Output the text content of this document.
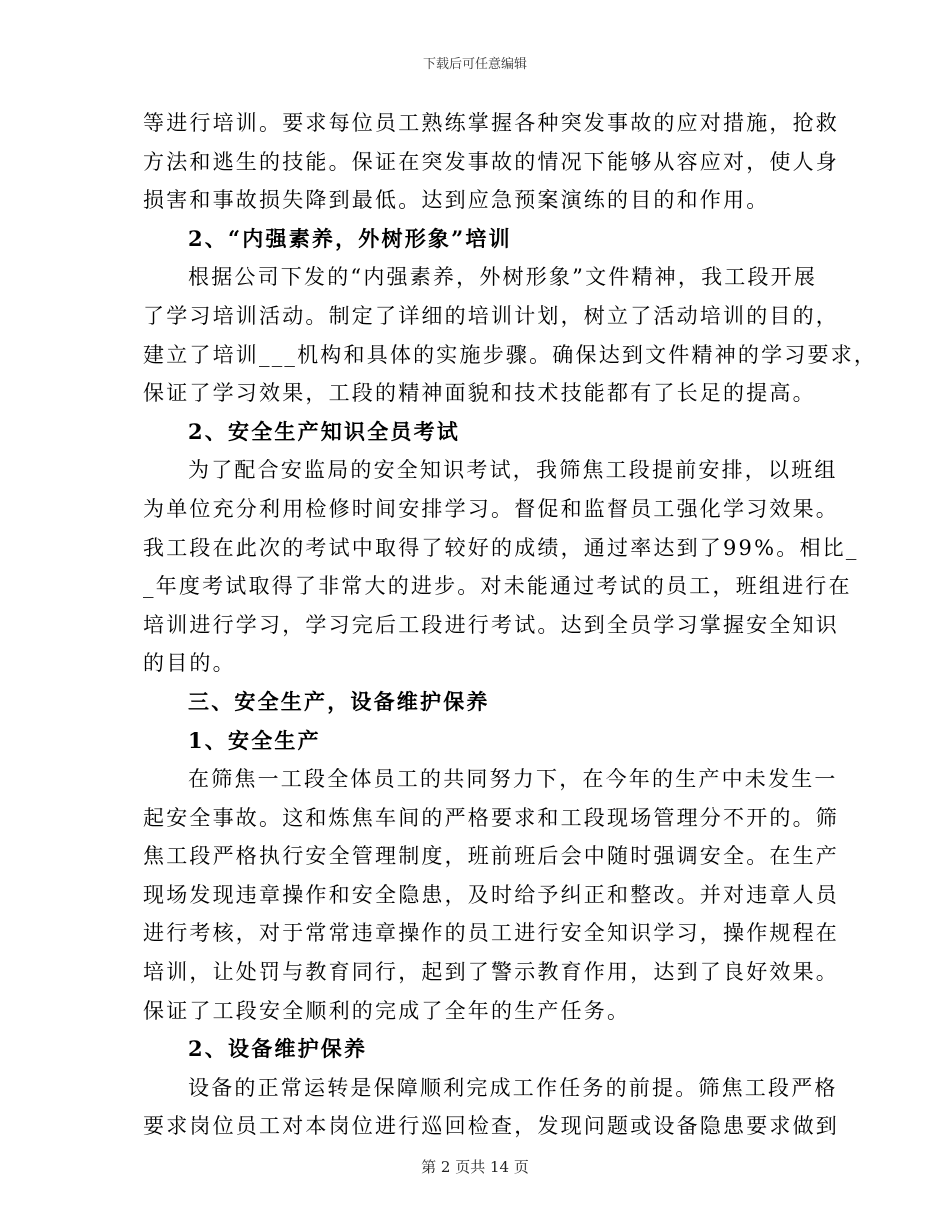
下载后可任意编辑
等进行培训。要求每位员工熟练掌握各种突发事故的应对措施，抢救
方法和逃生的技能。保证在突发事故的情况下能够从容应对，使人身
损害和事故损失降到最低。达到应急预案演练的目的和作用。
2、“内强素养，外树形象”培训
根据公司下发的“内强素养，外树形象”文件精神，我工段开展
了学习培训活动。制定了详细的培训计划，树立了活动培训的目的，
建立了培训___机构和具体的实施步骤。确保达到文件精神的学习要求，
保证了学习效果，工段的精神面貌和技术技能都有了长足的提高。
2、安全生产知识全员考试
为了配合安监局的安全知识考试，我筛焦工段提前安排，以班组
为单位充分利用检修时间安排学习。督促和监督员工强化学习效果。
我工段在此次的考试中取得了较好的成绩，通过率达到了99%。相比_
_年度考试取得了非常大的进步。对未能通过考试的员工，班组进行在
培训进行学习，学习完后工段进行考试。达到全员学习掌握安全知识
的目的。
三、安全生产，设备维护保养
1、安全生产
在筛焦一工段全体员工的共同努力下，在今年的生产中未发生一
起安全事故。这和炼焦车间的严格要求和工段现场管理分不开的。筛
焦工段严格执行安全管理制度，班前班后会中随时强调安全。在生产
现场发现违章操作和安全隐患，及时给予纠正和整改。并对违章人员
进行考核，对于常常违章操作的员工进行安全知识学习，操作规程在
培训，让处罚与教育同行，起到了警示教育作用，达到了良好效果。
保证了工段安全顺利的完成了全年的生产任务。
2、设备维护保养
设备的正常运转是保障顺利完成工作任务的前提。筛焦工段严格
要求岗位员工对本岗位进行巡回检查，发现问题或设备隐患要求做到
第 2 页共 14 页
